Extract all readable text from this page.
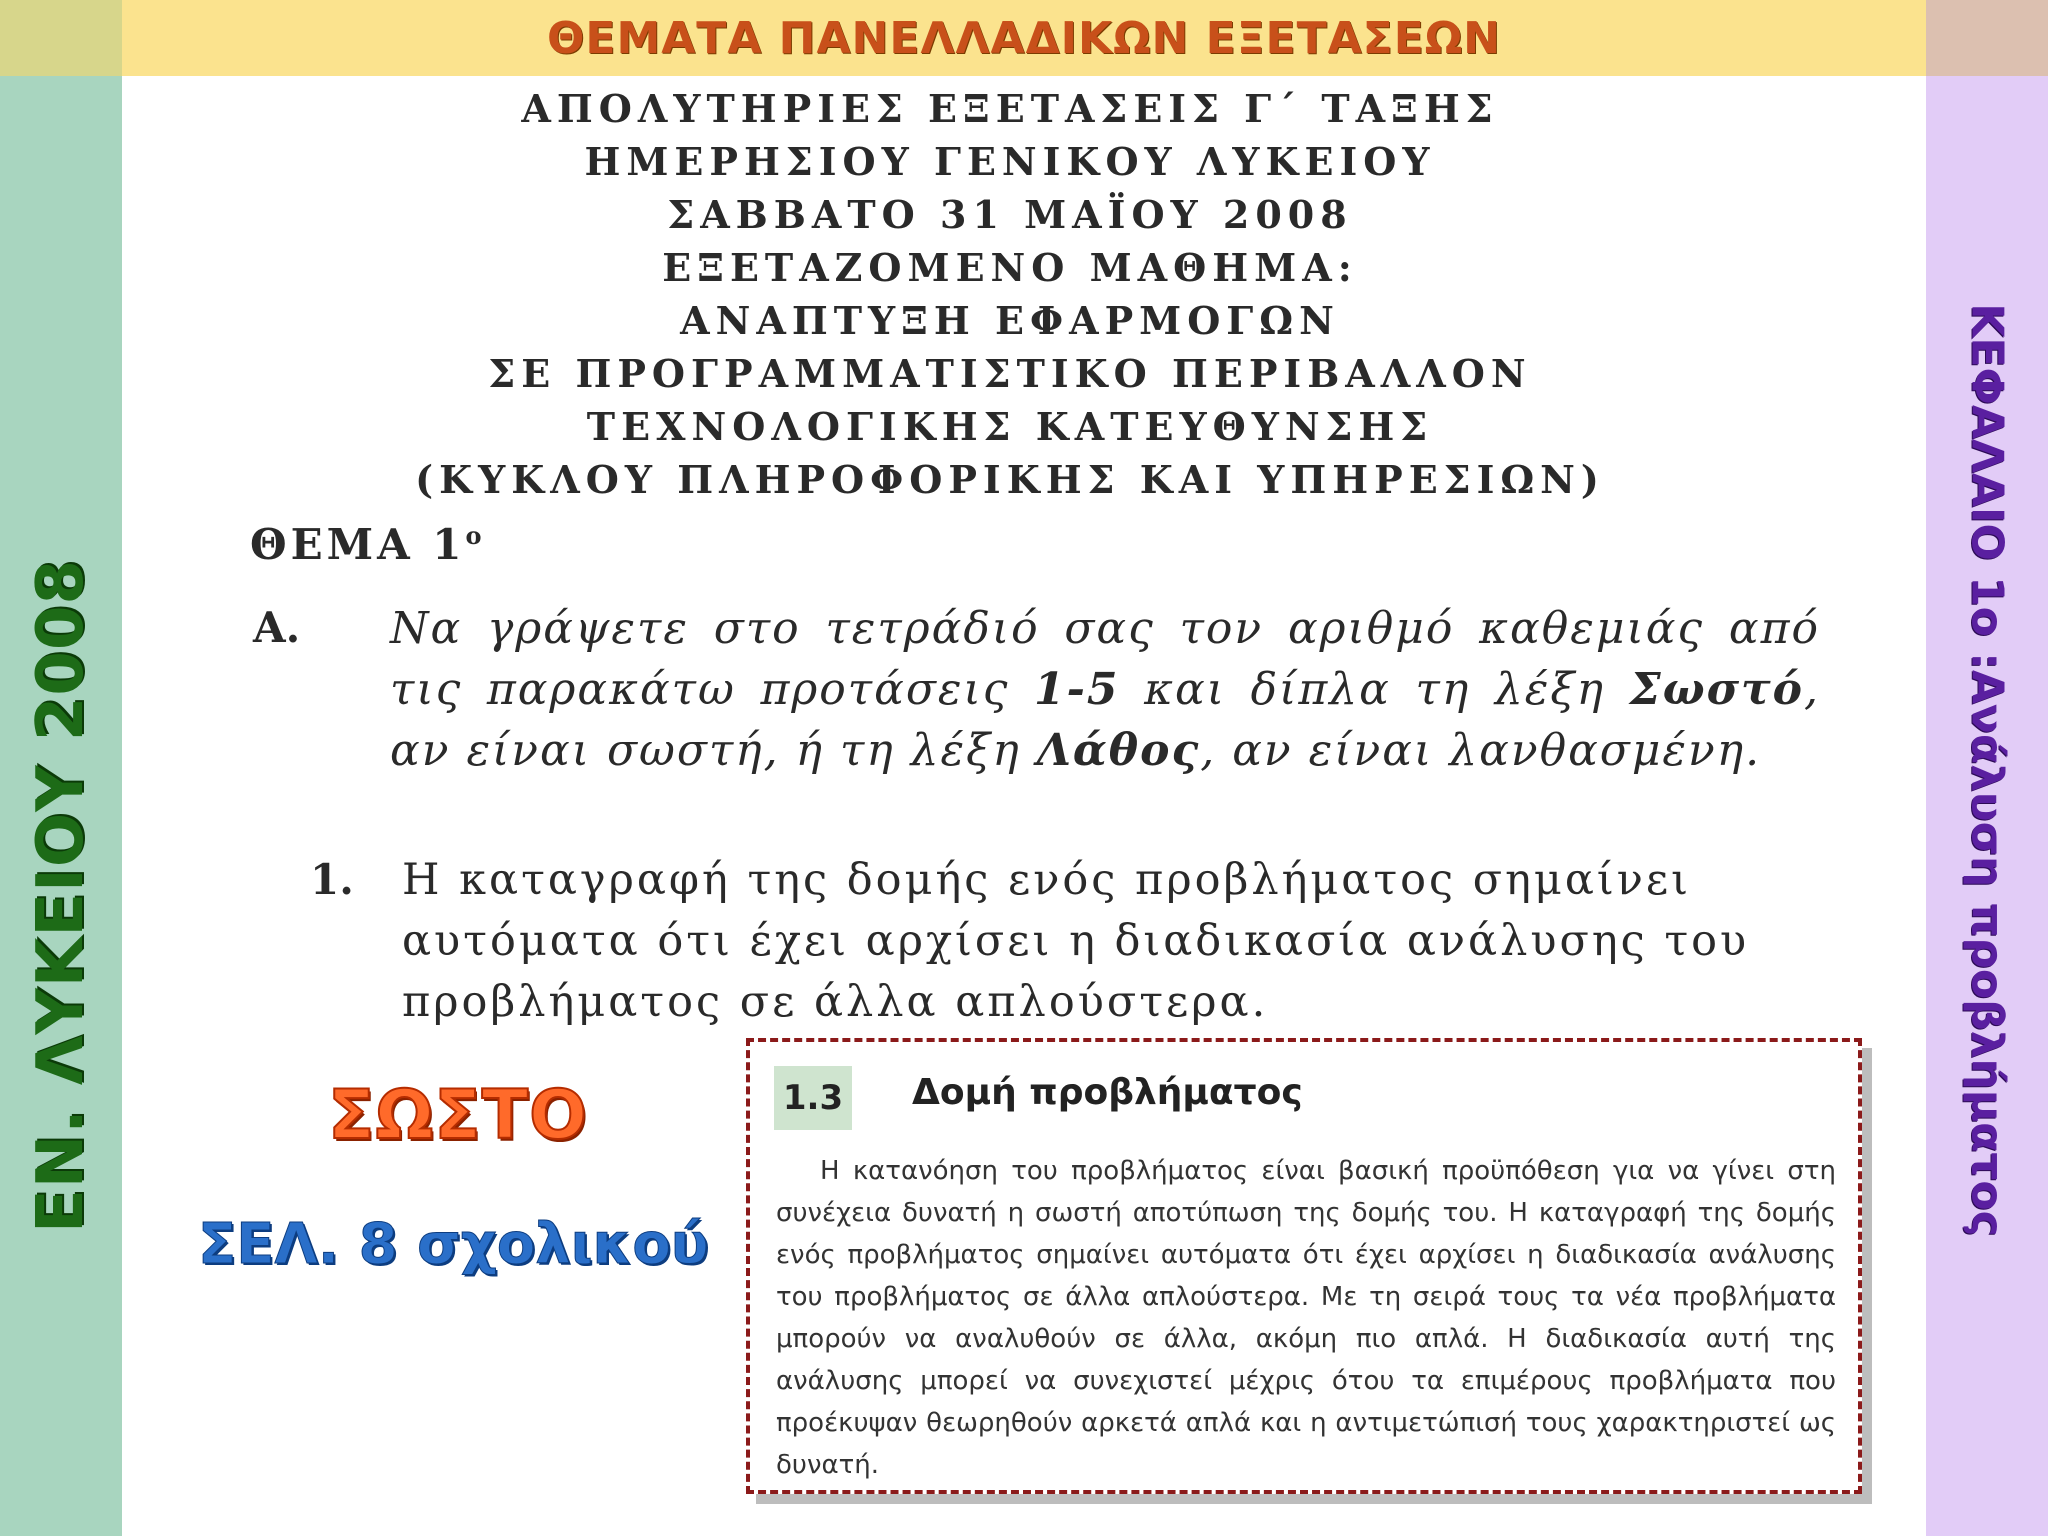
ΘΕΜΑΤΑ ΠΑΝΕΛΛΑΔΙΚΩΝ ΕΞΕΤΑΣΕΩΝ
ΕΝ. ΛΥΚΕΙΟΥ 2008	ΚΕΦΑΛΑΙΟ 1ο :Ανάλυση προβλήματος
ΑΠΟΛΥΤΗΡΙΕΣ ΕΞΕΤΑΣΕΙΣ Γ΄ ΤΑΞΗΣ
ΗΜΕΡΗΣΙΟΥ ΓΕΝΙΚΟΥ ΛΥΚΕΙΟΥ
ΣΑΒΒΑΤΟ 31 ΜΑΪΟΥ 2008
ΕΞΕΤΑΖΟΜΕΝΟ ΜΑΘΗΜΑ:
ΑΝΑΠΤΥΞΗ ΕΦΑΡΜΟΓΩΝ
ΣΕ ΠΡΟΓΡΑΜΜΑΤΙΣΤΙΚΟ ΠΕΡΙΒΑΛΛΟΝ
ΤΕΧΝΟΛΟΓΙΚΗΣ ΚΑΤΕΥΘΥΝΣΗΣ
(ΚΥΚΛΟΥ ΠΛΗΡΟΦΟΡΙΚΗΣ ΚΑΙ ΥΠΗΡΕΣΙΩΝ)
ΘΕΜΑ $1^o$
Α. Να γράψετε στο τετράδιό σας τον αριθμό καθεμιάς από τις παρακάτω προτάσεις 1-5 και δίπλα τη λέξη Σωστό, αν είναι σωστή, ή τη λέξη Λάθος, αν είναι λανθασμένη.
1. Η καταγραφή της δομής ενός προβλήματος σημαίνει αυτόματα ότι έχει αρχίσει η διαδικασία ανάλυσης του προβλήματος σε άλλα απλούστερα.
ΣΩΣΤΟ
ΣΕΛ. 8 σχολικού
1.3 Δομή προβλήματος
Η κατανόηση του προβλήματος είναι βασική προϋπόθεση για να γίνει στη συνέχεια δυνατή η σωστή αποτύπωση της δομής του. Η καταγραφή της δομής ενός προβλήματος σημαίνει αυτόματα ότι έχει αρχίσει η διαδικασία ανάλυσης του προβλήματος σε άλλα απλούστερα. Με τη σειρά τους τα νέα προβλήματα μπορούν να αναλυθούν σε άλλα, ακόμη πιο απλά. Η διαδικασία αυτή της ανάλυσης μπορεί να συνεχιστεί μέχρις ότου τα επιμέρους προβλήματα που προέκυψαν θεωρηθούν αρκετά απλά και η αντιμετώπισή τους χαρακτηριστεί ως δυνατή.
